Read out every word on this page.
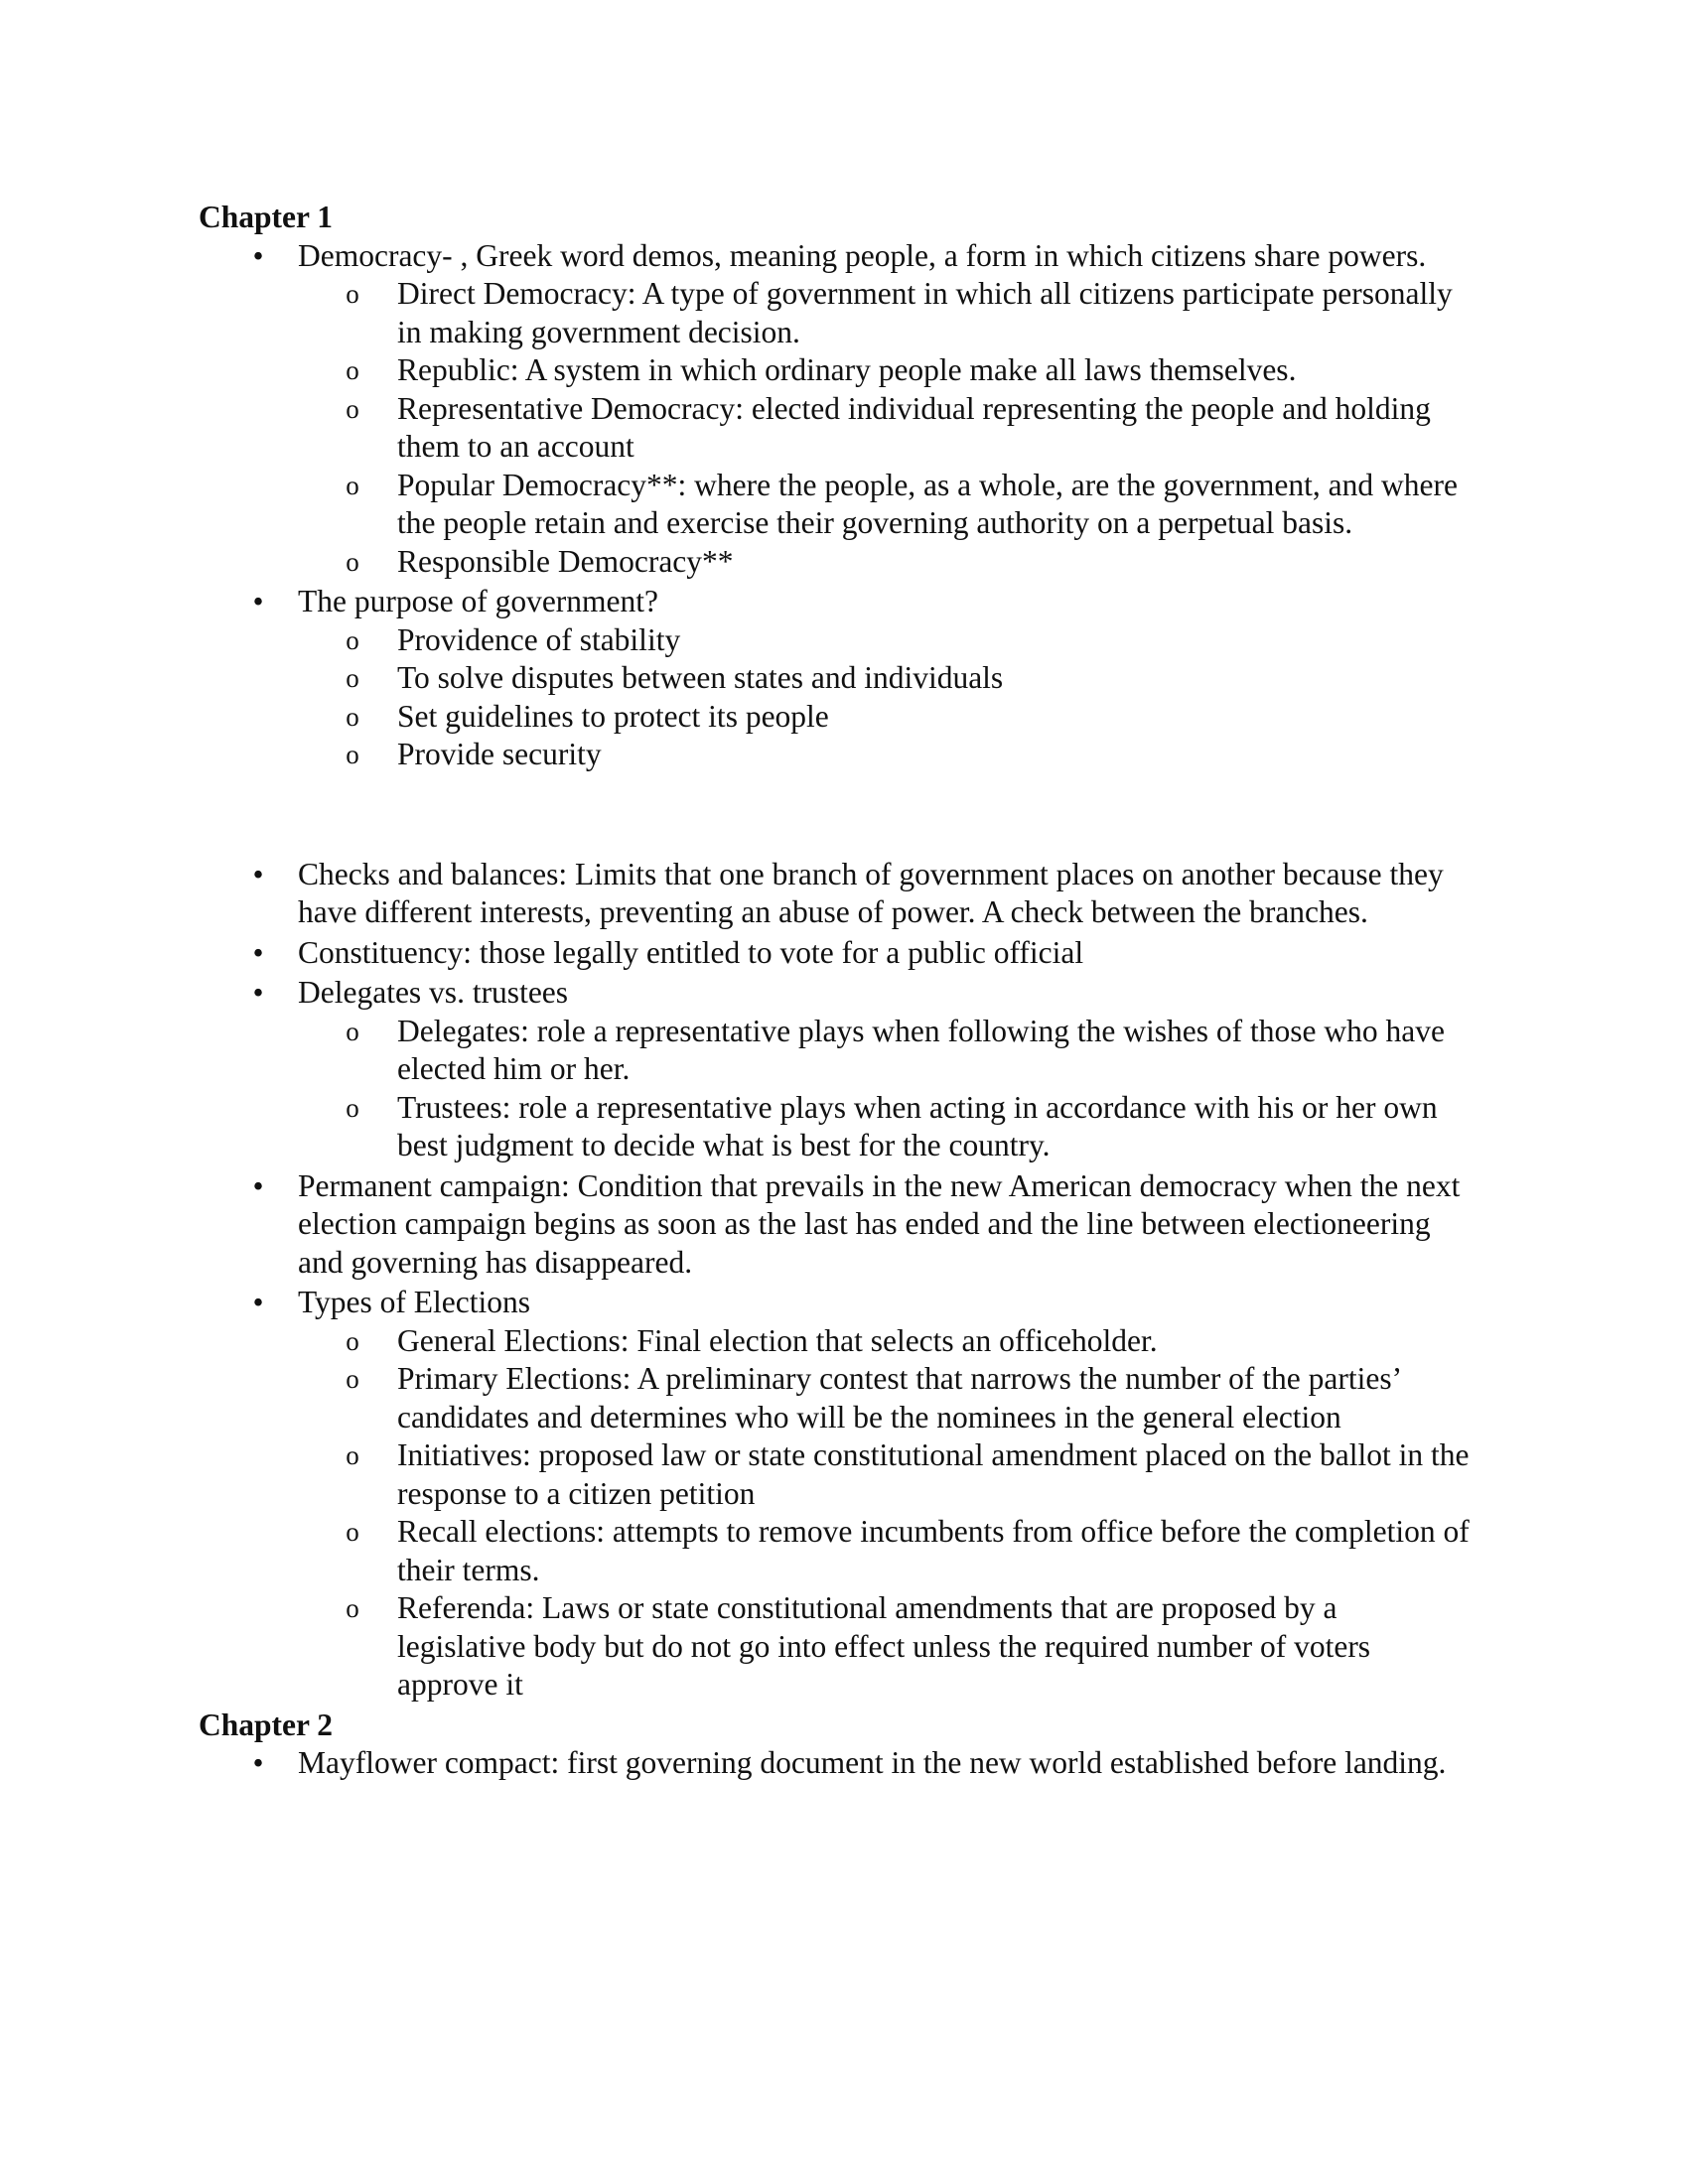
Chapter 1
• Democracy- , Greek word demos, meaning people, a form in which citizens share powers.
o Direct Democracy: A type of government in which all citizens participate personally in making government decision.
o Republic: A system in which ordinary people make all laws themselves.
o Representative Democracy: elected individual representing the people and holding them to an account
o Popular Democracy**: where the people, as a whole, are the government, and where the people retain and exercise their governing authority on a perpetual basis.
o Responsible Democracy**
• The purpose of government?
o Providence of stability
o To solve disputes between states and individuals
o Set guidelines to protect its people
o Provide security
• Checks and balances: Limits that one branch of government places on another because they have different interests, preventing an abuse of power. A check between the branches.
• Constituency: those legally entitled to vote for a public official
• Delegates vs. trustees
o Delegates: role a representative plays when following the wishes of those who have elected him or her.
o Trustees: role a representative plays when acting in accordance with his or her own best judgment to decide what is best for the country.
• Permanent campaign: Condition that prevails in the new American democracy when the next election campaign begins as soon as the last has ended and the line between electioneering and governing has disappeared.
• Types of Elections
o General Elections: Final election that selects an officeholder.
o Primary Elections: A preliminary contest that narrows the number of the parties’ candidates and determines who will be the nominees in the general election
o Initiatives: proposed law or state constitutional amendment placed on the ballot in the response to a citizen petition
o Recall elections: attempts to remove incumbents from office before the completion of their terms.
o Referenda: Laws or state constitutional amendments that are proposed by a legislative body but do not go into effect unless the required number of voters approve it
Chapter 2
• Mayflower compact: first governing document in the new world established before landing.
